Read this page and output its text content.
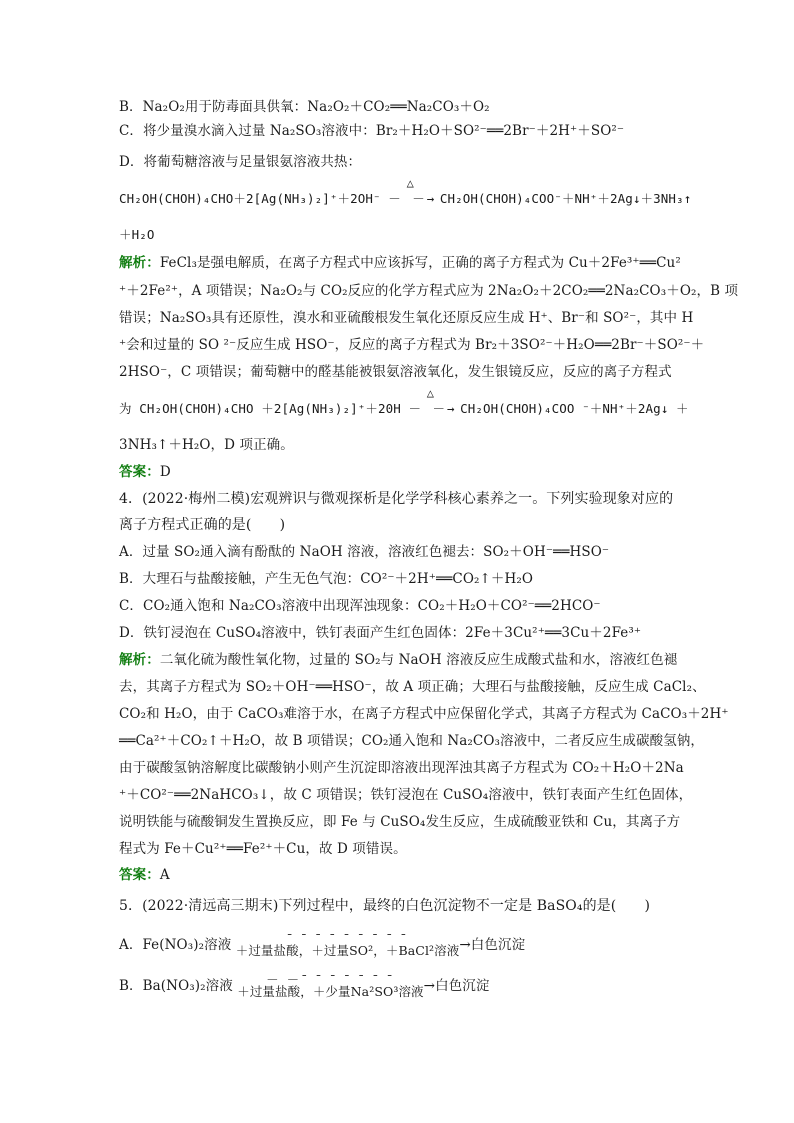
B．Na₂O₂用于防毒面具供氧：Na₂O₂＋CO₂══Na₂CO₃＋O₂
C．将少量溴水滴入过量 Na₂SO₃溶液中：Br₂＋H₂O＋SO²⁻══2Br⁻＋2H⁺＋SO²⁻
D．将葡萄糖溶液与足量银氨溶液共热：
CH₂OH(CHOH)₄CHO＋2[Ag(NH₃)₂]⁺＋2OH⁻
△
－ －→ CH₂OH(CHOH)₄COO⁻＋NH⁺＋2Ag↓＋3NH₃↑
＋H₂O
解析：FeCl₃是强电解质，在离子方程式中应该拆写，正确的离子方程式为 Cu＋2Fe³⁺══Cu²
⁺＋2Fe²⁺，A 项错误；Na₂O₂与 CO₂反应的化学方程式应为 2Na₂O₂＋2CO₂══2Na₂CO₃＋O₂，B 项
错误；Na₂SO₃具有还原性，溴水和亚硫酸根发生氧化还原反应生成 H⁺、Br⁻和 SO²⁻，其中 H
⁺会和过量的 SO ²⁻反应生成 HSO⁻，反应的离子方程式为 Br₂＋3SO²⁻＋H₂O══2Br⁻＋SO²⁻＋
2HSO⁻，C 项错误；葡萄糖中的醛基能被银氨溶液氧化，发生银镜反应，反应的离子方程式
为 CH₂OH(CHOH)₄CHO ＋2[Ag(NH₃)₂]⁺＋20H
△
－ －→ CH₂OH(CHOH)₄COO ⁻＋NH⁺＋2Ag↓ ＋
3NH₃↑＋H₂O，D 项正确。
答案：D
4．(2022·梅州二模)宏观辨识与微观探析是化学学科核心素养之一。下列实验现象对应的
离子方程式正确的是(　　)
A．过量 SO₂通入滴有酚酞的 NaOH 溶液，溶液红色褪去：SO₂＋OH⁻══HSO⁻
B．大理石与盐酸接触，产生无色气泡：CO²⁻＋2H⁺══CO₂↑＋H₂O
C．CO₂通入饱和 Na₂CO₃溶液中出现浑浊现象：CO₂＋H₂O＋CO²⁻══2HCO⁻
D．铁钉浸泡在 CuSO₄溶液中，铁钉表面产生红色固体：2Fe＋3Cu²⁺══3Cu＋2Fe³⁺
解析：二氧化硫为酸性氧化物，过量的 SO₂与 NaOH 溶液反应生成酸式盐和水，溶液红色褪
去，其离子方程式为 SO₂＋OH⁻══HSO⁻，故 A 项正确；大理石与盐酸接触，反应生成 CaCl₂、
CO₂和 H₂O，由于 CaCO₃难溶于水，在离子方程式中应保留化学式，其离子方程式为 CaCO₃＋2H⁺
══Ca²⁺＋CO₂↑＋H₂O，故 B 项错误；CO₂通入饱和 Na₂CO₃溶液中，二者反应生成碳酸氢钠，
由于碳酸氢钠溶解度比碳酸钠小则产生沉淀即溶液出现浑浊其离子方程式为 CO₂＋H₂O＋2Na
⁺＋CO²⁻══2NaHCO₃↓，故 C 项错误；铁钉浸泡在 CuSO₄溶液中，铁钉表面产生红色固体，
说明铁能与硫酸铜发生置换反应，即 Fe 与 CuSO₄发生反应，生成硫酸亚铁和 Cu，其离子方
程式为 Fe＋Cu²⁺══Fe²⁺＋Cu，故 D 项错误。
答案：A
5．(2022·清远高三期末)下列过程中，最终的白色沉淀物不一定是 BaSO₄的是(　　)
A．Fe(NO₃)₂溶液	¯ ¯ ¯ ¯ ¯ ¯ ¯ ¯ ¯
＋过量盐酸，＋过量SO²，＋BaCl²溶液 →白色沉淀
B．Ba(NO₃)₂溶液	－ －¯ ¯ ¯ ¯ ¯ ¯ ¯
＋过量盐酸，＋少量Na²SO³溶液 →白色沉淀
